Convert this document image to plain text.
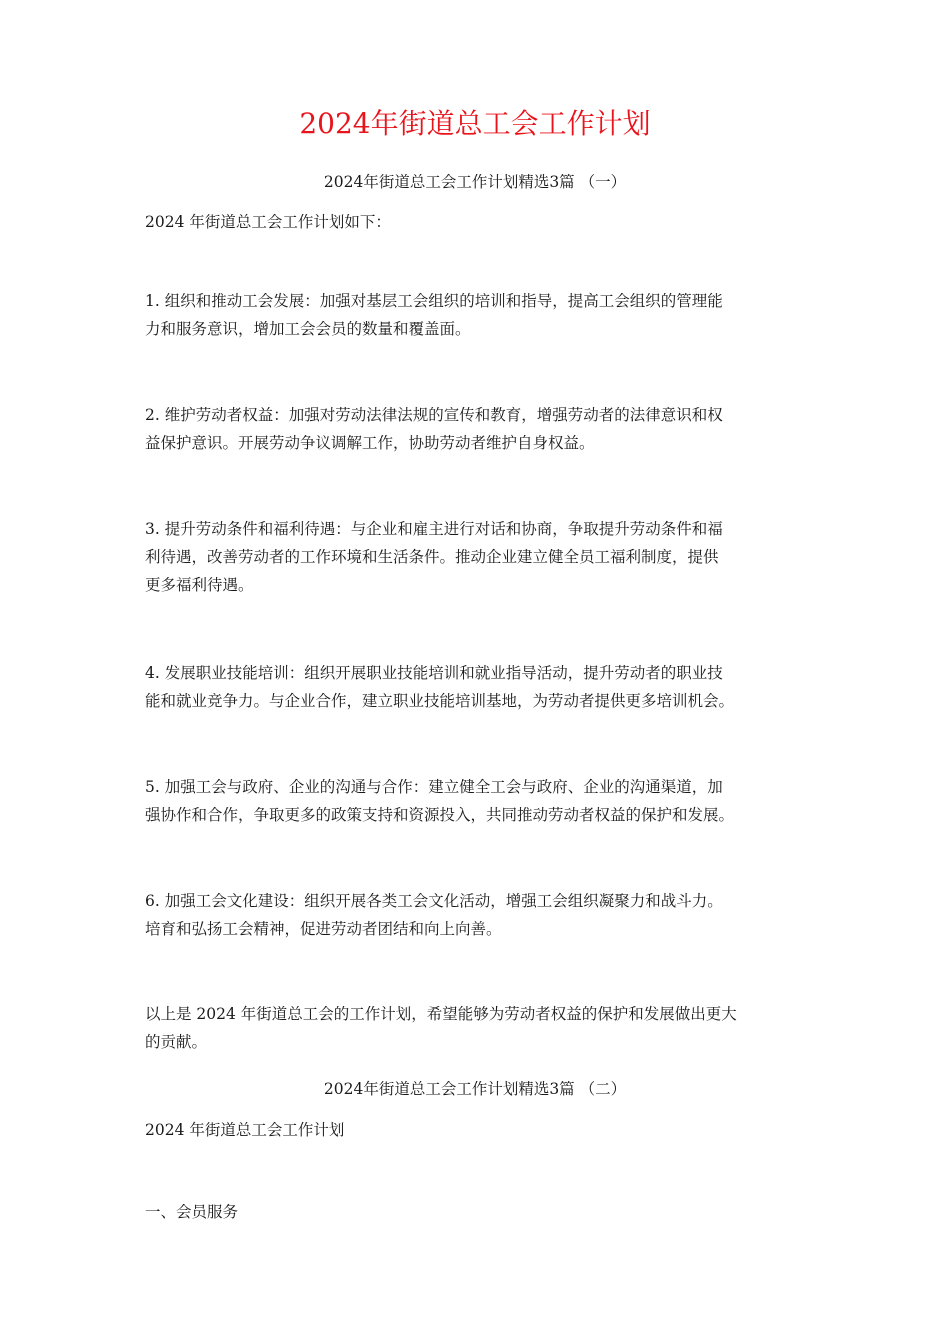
2024年街道总工会工作计划

2024年街道总工会工作计划精选3篇 （一）

2024 年街道总工会工作计划如下：

1. 组织和推动工会发展：加强对基层工会组织的培训和指导，提高工会组织的管理能
力和服务意识，增加工会会员的数量和覆盖面。
2. 维护劳动者权益：加强对劳动法律法规的宣传和教育，增强劳动者的法律意识和权
益保护意识。开展劳动争议调解工作，协助劳动者维护自身权益。
3. 提升劳动条件和福利待遇：与企业和雇主进行对话和协商，争取提升劳动条件和福
利待遇，改善劳动者的工作环境和生活条件。推动企业建立健全员工福利制度，提供
更多福利待遇。
4. 发展职业技能培训：组织开展职业技能培训和就业指导活动，提升劳动者的职业技
能和就业竞争力。与企业合作，建立职业技能培训基地，为劳动者提供更多培训机会。
5. 加强工会与政府、企业的沟通与合作：建立健全工会与政府、企业的沟通渠道，加
强协作和合作，争取更多的政策支持和资源投入，共同推动劳动者权益的保护和发展。
6. 加强工会文化建设：组织开展各类工会文化活动，增强工会组织凝聚力和战斗力。
培育和弘扬工会精神，促进劳动者团结和向上向善。
以上是 2024 年街道总工会的工作计划，希望能够为劳动者权益的保护和发展做出更大
的贡献。

2024年街道总工会工作计划精选3篇 （二）

2024 年街道总工会工作计划

一、会员服务
